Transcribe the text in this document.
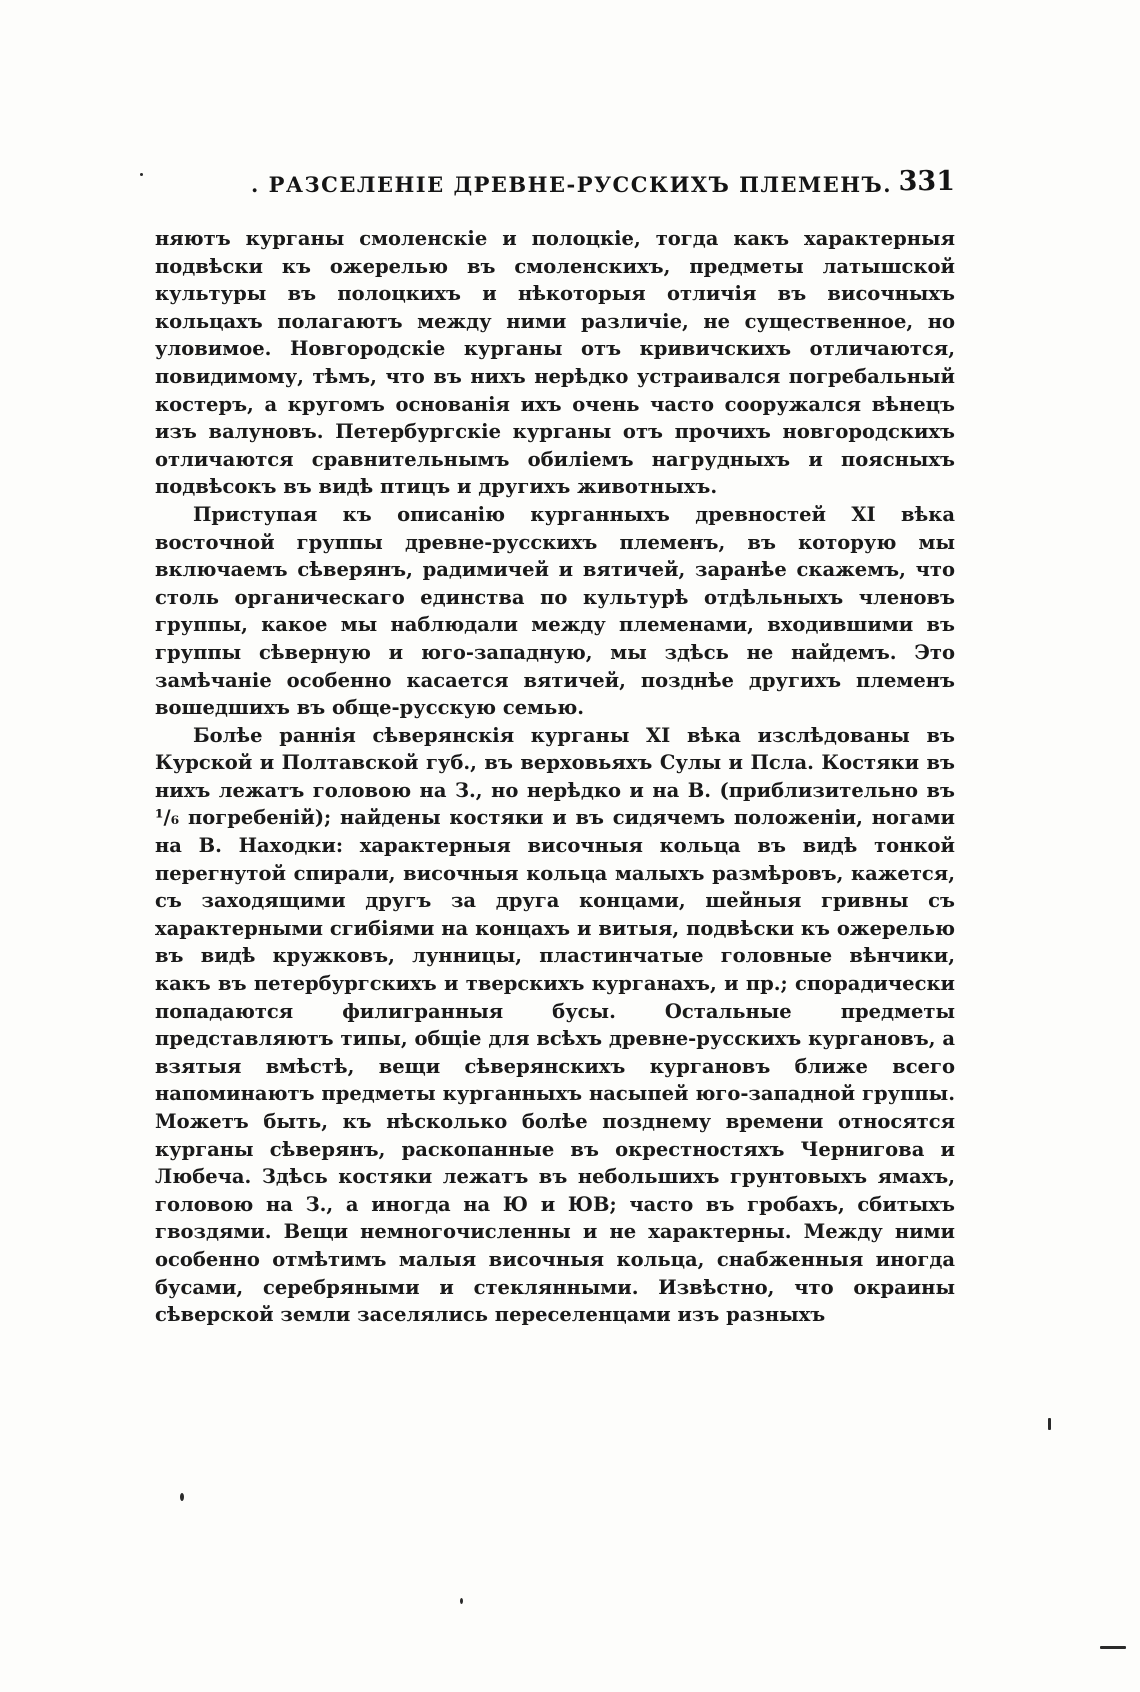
. РАЗСЕЛЕНІЕ ДРЕВНЕ-РУССКИХЪ ПЛЕМЕНЪ. 331

няютъ курганы смоленскіе и полоцкіе, тогда какъ характерныя подвѣски къ ожерелью въ смоленскихъ, предметы латышской культуры въ полоцкихъ и нѣкоторыя отличія въ височныхъ кольцахъ полагаютъ между ними различіе, не существенное, но уловимое. Новгородскіе курганы отъ кривичскихъ отличаются, повидимому, тѣмъ, что въ нихъ нерѣдко устраивался погребальный костеръ, а кругомъ основанія ихъ очень часто сооружался вѣнецъ изъ валуновъ. Петербургскіе курганы отъ прочихъ новгородскихъ отличаются сравнительнымъ обиліемъ нагрудныхъ и поясныхъ подвѣсокъ въ видѣ птицъ и другихъ животныхъ.

Приступая къ описанію курганныхъ древностей XI вѣка восточной группы древне-русскихъ племенъ, въ которую мы включаемъ сѣверянъ, радимичей и вятичей, заранѣе скажемъ, что столь органическаго единства по культурѣ отдѣльныхъ членовъ группы, какое мы наблюдали между племенами, входившими въ группы сѣверную и юго-западную, мы здѣсь не найдемъ. Это замѣчаніе особенно касается вятичей, позднѣе другихъ племенъ вошедшихъ въ обще-русскую семью.

Болѣе раннія сѣверянскія курганы XI вѣка изслѣдованы въ Курской и Полтавской губ., въ верховьяхъ Сулы и Псла. Костяки въ нихъ лежатъ головою на З., но нерѣдко и на В. (приблизительно въ ¹/₆ погребеній); найдены костяки и въ сидячемъ положеніи, ногами на В. Находки: характерныя височныя кольца въ видѣ тонкой перегнутой спирали, височныя кольца малыхъ размѣровъ, кажется, съ заходящими другъ за друга концами, шейныя гривны съ характерными сгибіями на концахъ и витыя, подвѣски къ ожерелью въ видѣ кружковъ, лунницы, пластинчатые головные вѣнчики, какъ въ петербургскихъ и тверскихъ курганахъ, и пр.; спорадически попадаются филигранныя бусы. Остальные предметы представляютъ типы, общіе для всѣхъ древне-русскихъ кургановъ, а взятыя вмѣстѣ, вещи сѣверянскихъ кургановъ ближе всего напоминаютъ предметы курганныхъ насыпей юго-западной группы. Можетъ быть, къ нѣсколько болѣе позднему времени относятся курганы сѣверянъ, раскопанные въ окрестностяхъ Чернигова и Любеча. Здѣсь костяки лежатъ въ небольшихъ грунтовыхъ ямахъ, головою на З., а иногда на Ю и ЮВ; часто въ гробахъ, сбитыхъ гвоздями. Вещи немногочисленны и не характерны. Между ними особенно отмѣтимъ малыя височныя кольца, снабженныя иногда бусами, серебряными и стеклянными. Извѣстно, что окраины сѣверской земли заселялись переселенцами изъ разныхъ
